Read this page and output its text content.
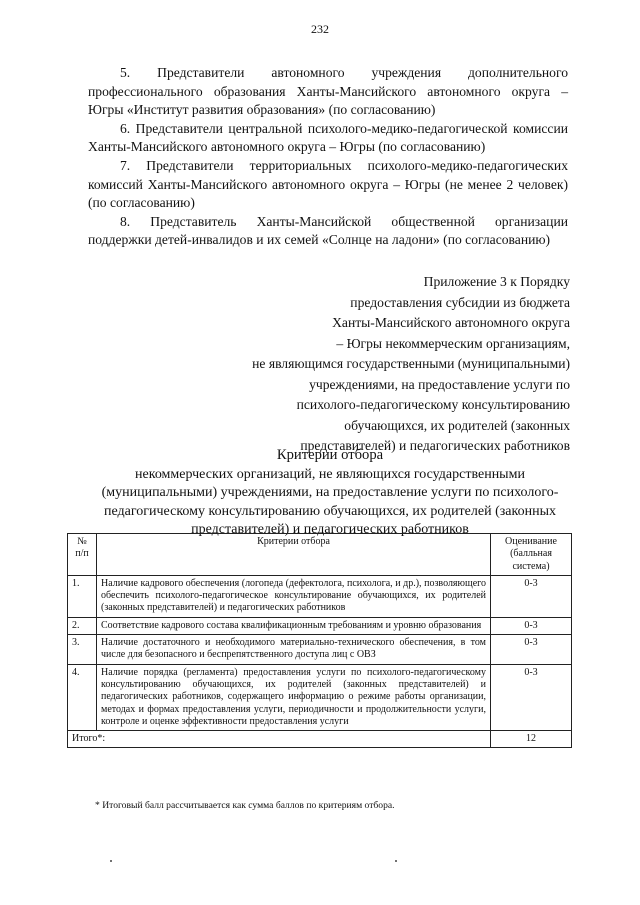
232

5. Представители автономного учреждения дополнительного профессионального образования Ханты-Мансийского автономного округа – Югры «Институт развития образования» (по согласованию)

6. Представители центральной психолого-медико-педагогической комиссии Ханты-Мансийского автономного округа – Югры (по согласованию)

7. Представители территориальных психолого-медико-педагогических комиссий Ханты-Мансийского автономного округа – Югры (не менее 2 человек) (по согласованию)

8. Представитель Ханты-Мансийской общественной организации поддержки детей-инвалидов и их семей «Солнце на ладони» (по согласованию)

Приложение 3 к Порядку
предоставления субсидии из бюджета
Ханты-Мансийского автономного округа
– Югры некоммерческим организациям,
не являющимся государственными (муниципальными)
учреждениями, на предоставление услуги по
психолого-педагогическому консультированию
обучающихся, их родителей (законных
представителей) и педагогических работников
Критерии отбора
некоммерческих организаций, не являющихся государственными (муниципальными) учреждениями, на предоставление услуги по психолого-педагогическому консультированию обучающихся, их родителей (законных представителей) и педагогических работников
№ п/п	Критерии отбора	Оценивание (балльная система)
1.	Наличие кадрового обеспечения (логопеда (дефектолога, психолога, и др.), позволяющего обеспечить психолого-педагогическое консультирование обучающихся, их родителей (законных представителей) и педагогических работников	0-3
2.	Соответствие кадрового состава квалификационным требованиям и уровню образования	0-3
3.	Наличие достаточного и необходимого материально-технического обеспечения, в том числе для безопасного и беспрепятственного доступа лиц с ОВЗ	0-3
4.	Наличие порядка (регламента) предоставления услуги по психолого-педагогическому консультированию обучающихся, их родителей (законных представителей) и педагогических работников, содержащего информацию о режиме работы организации, методах и формах предоставления услуги, периодичности и продолжительности услуги, контроле и оценке эффективности предоставления услуги	0-3
Итого*:		12
* Итоговый балл рассчитывается как сумма баллов по критериям отбора.
